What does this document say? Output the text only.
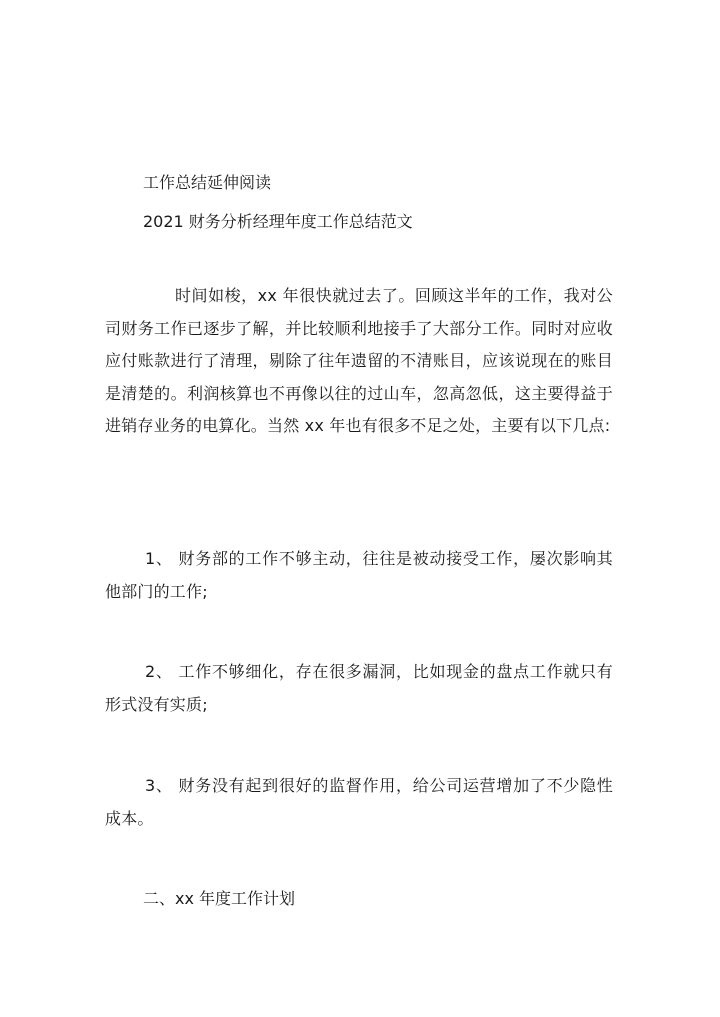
工作总结延伸阅读
2021 财务分析经理年度工作总结范文
时间如梭，xx 年很快就过去了。回顾这半年的工作，我对公司财务工作已逐步了解，并比较顺利地接手了大部分工作。同时对应收应付账款进行了清理，剔除了往年遗留的不清账目，应该说现在的账目是清楚的。利润核算也不再像以往的过山车，忽高忽低，这主要得益于进销存业务的电算化。当然 xx 年也有很多不足之处，主要有以下几点:
1、 财务部的工作不够主动，往往是被动接受工作，屡次影响其他部门的工作;
2、 工作不够细化，存在很多漏洞，比如现金的盘点工作就只有形式没有实质;
3、 财务没有起到很好的监督作用，给公司运营增加了不少隐性成本。
二、xx 年度工作计划
